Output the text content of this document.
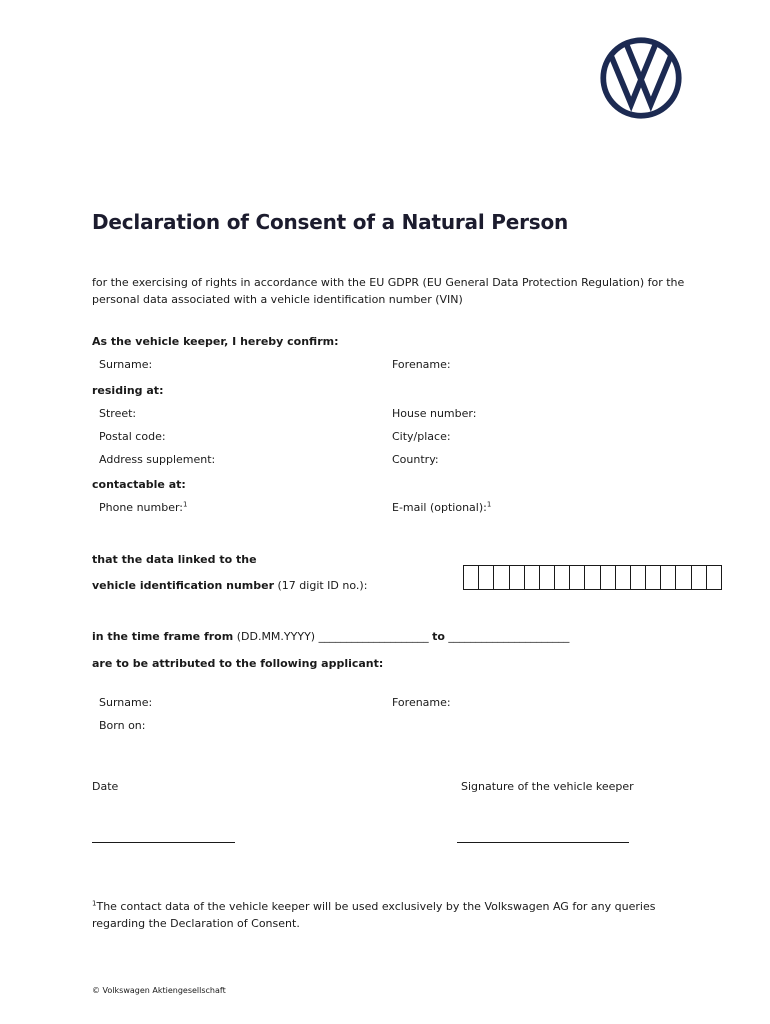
Declaration of Consent of a Natural Person
for the exercising of rights in accordance with the EU GDPR (EU General Data Protection Regulation) for the personal data associated with a vehicle identification number (VIN)
As the vehicle keeper, I hereby confirm:
Surname:	Forename:
residing at:
Street:	House number:
Postal code:	City/place:
Address supplement:	Country:
contactable at:
Phone number:$^1$	E-mail (optional):$^1$
that the data linked to the
vehicle identification number (17 digit ID no.):
in the time frame from (DD.MM.YYYY) ____________________ to ______________________
are to be attributed to the following applicant:
Surname:	Forename:
Born on:
Date	Signature of the vehicle keeper
$^1$The contact data of the vehicle keeper will be used exclusively by the Volkswagen AG for any queries
regarding the Declaration of Consent.
© Volkswagen Aktiengesellschaft
